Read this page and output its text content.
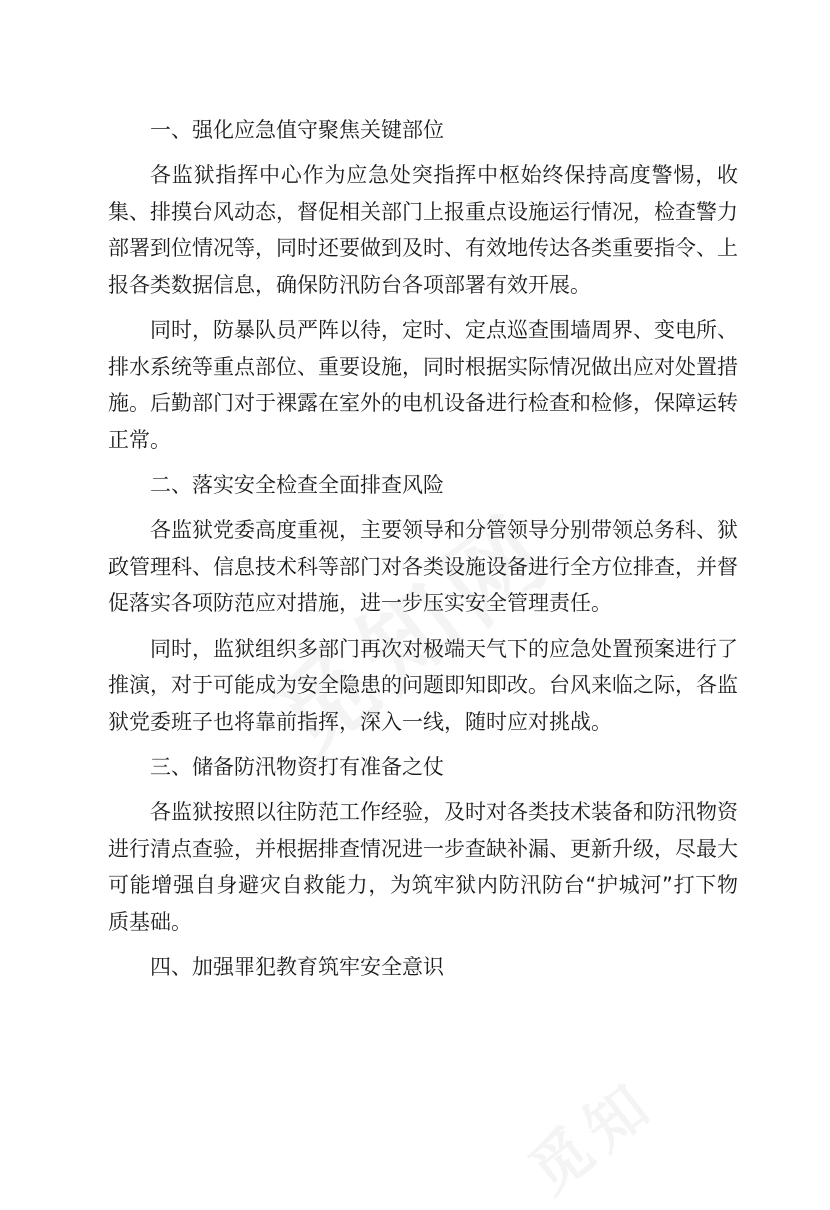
一、强化应急值守聚焦关键部位

各监狱指挥中心作为应急处突指挥中枢始终保持高度警惕，收集、排摸台风动态，督促相关部门上报重点设施运行情况，检查警力部署到位情况等，同时还要做到及时、有效地传达各类重要指令、上报各类数据信息，确保防汛防台各项部署有效开展。

同时，防暴队员严阵以待，定时、定点巡查围墙周界、变电所、排水系统等重点部位、重要设施，同时根据实际情况做出应对处置措施。后勤部门对于裸露在室外的电机设备进行检查和检修，保障运转正常。

二、落实安全检查全面排查风险

各监狱党委高度重视，主要领导和分管领导分别带领总务科、狱政管理科、信息技术科等部门对各类设施设备进行全方位排查，并督促落实各项防范应对措施，进一步压实安全管理责任。

同时，监狱组织多部门再次对极端天气下的应急处置预案进行了推演，对于可能成为安全隐患的问题即知即改。台风来临之际，各监狱党委班子也将靠前指挥，深入一线，随时应对挑战。

三、储备防汛物资打有准备之仗

各监狱按照以往防范工作经验，及时对各类技术装备和防汛物资进行清点查验，并根据排查情况进一步查缺补漏、更新升级，尽最大可能增强自身避灾自救能力，为筑牢狱内防汛防台“护城河”打下物质基础。

四、加强罪犯教育筑牢安全意识
